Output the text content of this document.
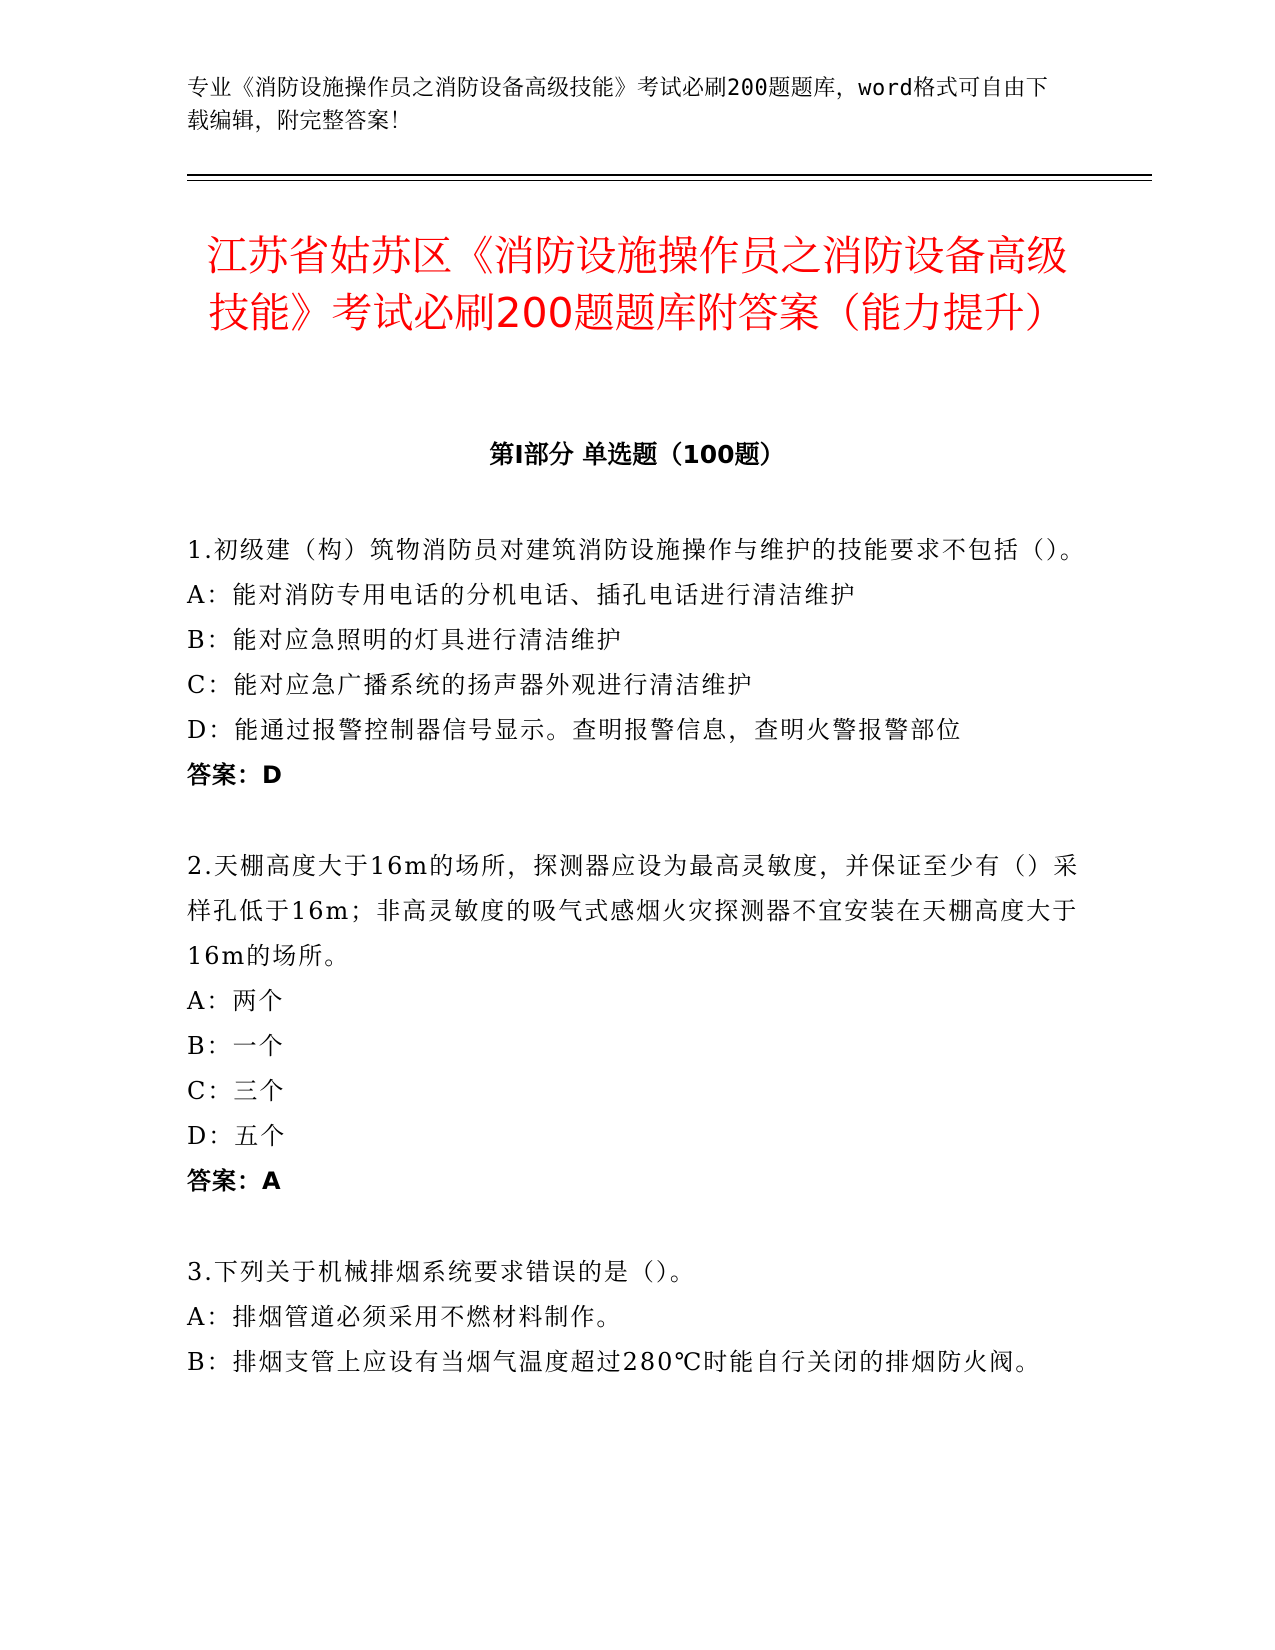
专业《消防设施操作员之消防设备高级技能》考试必刷200题题库，word格式可自由下载编辑，附完整答案！

江苏省姑苏区《消防设施操作员之消防设备高级技能》考试必刷200题题库附答案（能力提升）
第Ⅰ部分 单选题（100题）

1.初级建（构）筑物消防员对建筑消防设施操作与维护的技能要求不包括（）。

A：能对消防专用电话的分机电话、插孔电话进行清洁维护

B：能对应急照明的灯具进行清洁维护

C：能对应急广播系统的扬声器外观进行清洁维护

D：能通过报警控制器信号显示。查明报警信息，查明火警报警部位

答案：D

2.天棚高度大于16m的场所，探测器应设为最高灵敏度，并保证至少有（）采样孔低于16m；非高灵敏度的吸气式感烟火灾探测器不宜安装在天棚高度大于16m的场所。

A：两个

B：一个

C：三个

D：五个

答案：A

3.下列关于机械排烟系统要求错误的是（）。

A：排烟管道必须采用不燃材料制作。

B：排烟支管上应设有当烟气温度超过280℃时能自行关闭的排烟防火阀。
